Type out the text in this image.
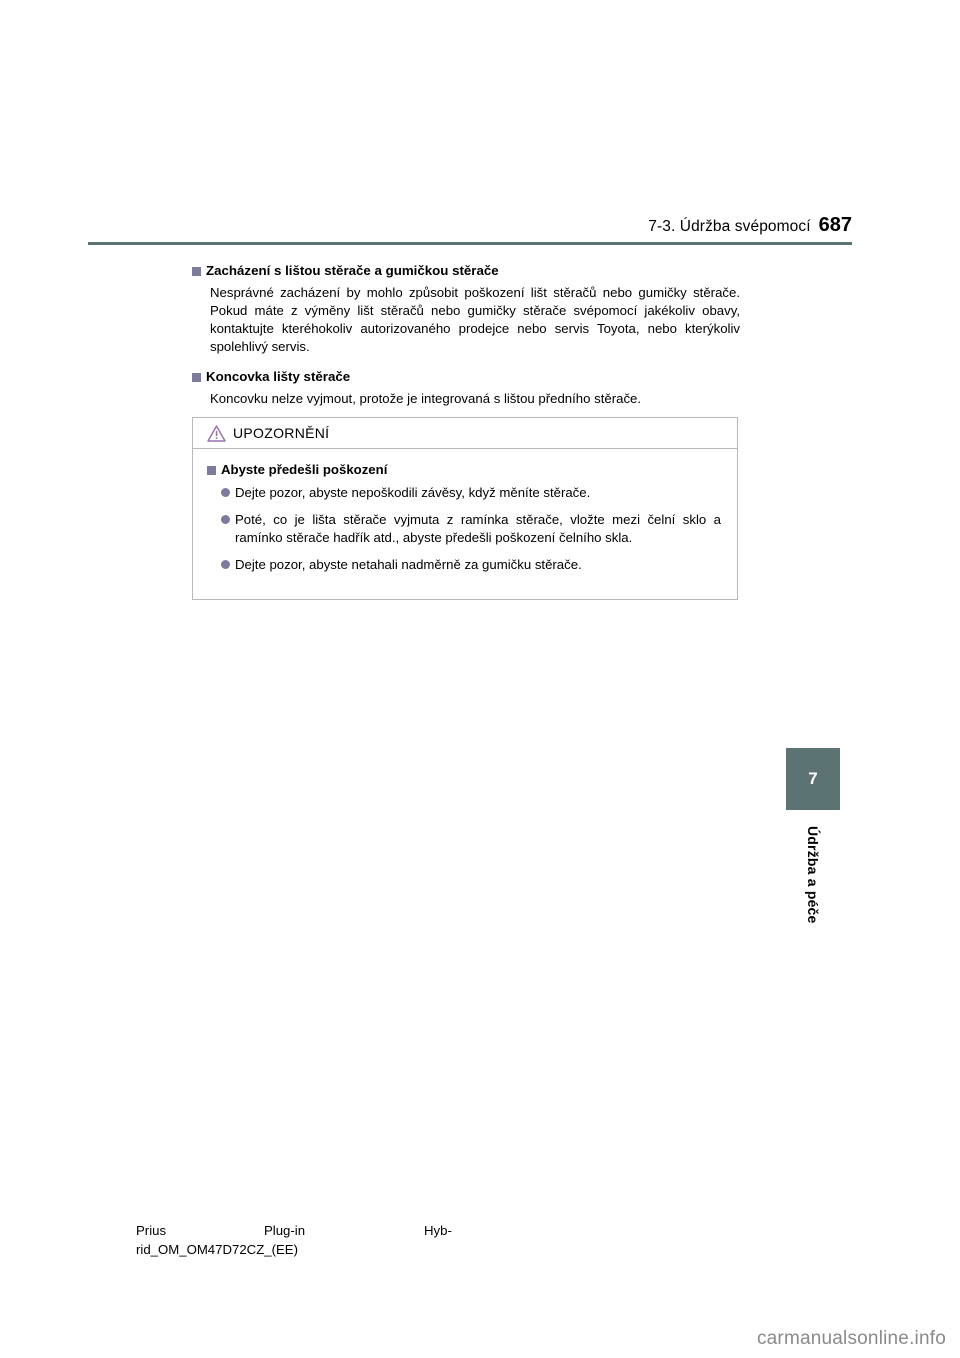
7-3. Údržba svépomocí 687
Zacházení s lištou stěrače a gumičkou stěrače

Nesprávné zacházení by mohlo způsobit poškození lišt stěračů nebo gumičky stěrače. Pokud máte z výměny lišt stěračů nebo gumičky stěrače svépomocí jakékoliv obavy, kontaktujte kteréhokoliv autorizovaného prodejce nebo servis Toyota, nebo kterýkoliv spolehlivý servis.

Koncovka lišty stěrače

Koncovku nelze vyjmout, protože je integrovaná s lištou předního stěrače.

UPOZORNĚNÍ
Abyste předešli poškození
Dejte pozor, abyste nepoškodili závěsy, když měníte stěrače.
Poté, co je lišta stěrače vyjmuta z ramínka stěrače, vložte mezi čelní sklo a ramínko stěrače hadřík atd., abyste předešli poškození čelního skla.
Dejte pozor, abyste netahali nadměrně za gumičku stěrače.
7
Údržba a péče
Prius	Plug-in	Hyb-
rid_OM_OM47D72CZ_(EE)
carmanualsonline.info
